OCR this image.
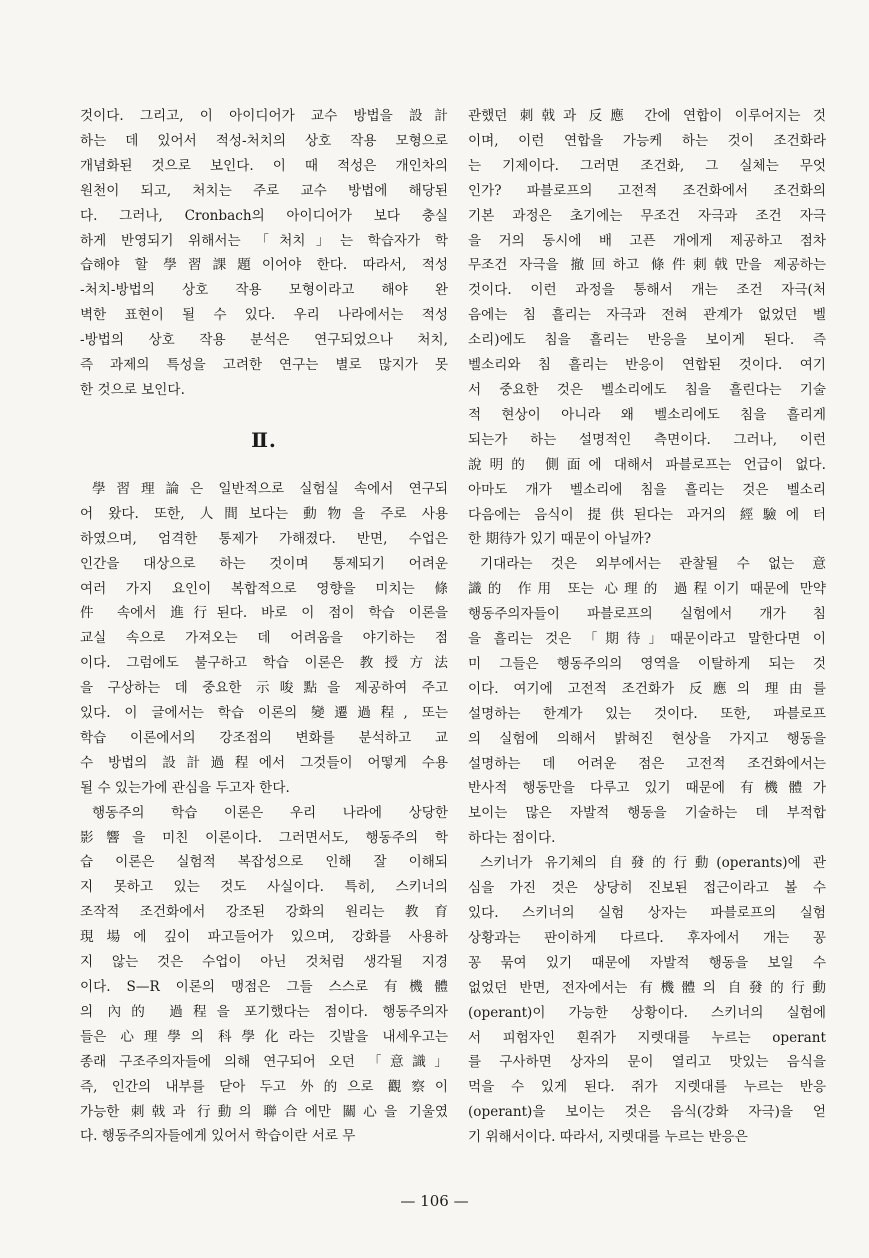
것이다. 그리고, 이 아이디어가 교수 방법을 設計
하는 데 있어서 적성-처치의 상호 작용 모형으로
개념화된 것으로 보인다. 이 때 적성은 개인차의
원천이 되고, 처치는 주로 교수 방법에 해당된
다. 그러나, Cronbach의 아이디어가 보다 충실
하게 반영되기 위해서는 「처치」는 학습자가 학
습해야 할 學習課題이어야 한다. 따라서, 적성
-처치-방법의 상호 작용 모형이라고 해야 완
벽한 표현이 될 수 있다. 우리 나라에서는 적성
-방법의 상호 작용 분석은 연구되었으나 처치,
즉 과제의 특성을 고려한 연구는 별로 많지가 못
한 것으로 보인다.
Ⅱ.
學習理論은 일반적으로 실험실 속에서 연구되
어 왔다. 또한, 人間보다는 動物을 주로 사용
하였으며, 엄격한 통제가 가해졌다. 반면, 수업은
인간을 대상으로 하는 것이며 통제되기 어려운
여러 가지 요인이 복합적으로 영향을 미치는 條
件 속에서 進行된다. 바로 이 점이 학습 이론을
교실 속으로 가져오는 데 어려움을 야기하는 점
이다. 그럼에도 불구하고 학습 이론은 教授方法
을 구상하는 데 중요한 示唆點을 제공하여 주고
있다. 이 글에서는 학습 이론의 變遷過程, 또는
학습 이론에서의 강조점의 변화를 분석하고 교
수 방법의 設計過程에서 그것들이 어떻게 수용
될 수 있는가에 관심을 두고자 한다.
행동주의 학습 이론은 우리 나라에 상당한
影響을 미친 이론이다. 그러면서도, 행동주의 학
습 이론은 실험적 복잡성으로 인해 잘 이해되
지 못하고 있는 것도 사실이다. 특히, 스키너의
조작적 조건화에서 강조된 강화의 원리는 教育
現場에 깊이 파고들어가 있으며, 강화를 사용하
지 않는 것은 수업이 아닌 것처럼 생각될 지경
이다. S—R 이론의 맹점은 그들 스스로 有機體
의 內的 過程을 포기했다는 점이다. 행동주의자
들은 心理學의 科學化라는 깃발을 내세우고는
종래 구조주의자들에 의해 연구되어 오던 「意識」
즉, 인간의 내부를 닫아 두고 外的으로 觀察이
가능한 刺戟과 行動의 聯合에만 關心을 기울였
다. 행동주의자들에게 있어서 학습이란 서로 무
관했던 刺戟과 反應 간에 연합이 이루어지는 것
이며, 이런 연합을 가능케 하는 것이 조건화라
는 기제이다. 그러면 조건화, 그 실체는 무엇
인가? 파블로프의 고전적 조건화에서 조건화의
기본 과정은 초기에는 무조건 자극과 조건 자극
을 거의 동시에 배 고픈 개에게 제공하고 점차
무조건 자극을 撤回하고 條件刺戟만을 제공하는
것이다. 이런 과정을 통해서 개는 조건 자극(처
음에는 침 흘리는 자극과 전혀 관계가 없었던 벨
소리)에도 침을 흘리는 반응을 보이게 된다. 즉
벨소리와 침 흘리는 반응이 연합된 것이다. 여기
서 중요한 것은 벨소리에도 침을 흘린다는 기술
적 현상이 아니라 왜 벨소리에도 침을 흘리게
되는가 하는 설명적인 측면이다. 그러나, 이런
說明的 側面에 대해서 파블로프는 언급이 없다.
아마도 개가 벨소리에 침을 흘리는 것은 벨소리
다음에는 음식이 提供된다는 과거의 經驗에 터
한 期待가 있기 때문이 아닐까?
기대라는 것은 외부에서는 관찰될 수 없는 意
識的 作用 또는 心理的 過程이기 때문에 만약
행동주의자들이 파블로프의 실험에서 개가 침
을 흘리는 것은 「期待」때문이라고 말한다면 이
미 그들은 행동주의의 영역을 이탈하게 되는 것
이다. 여기에 고전적 조건화가 反應의 理由를
설명하는 한계가 있는 것이다. 또한, 파블로프
의 실험에 의해서 밝혀진 현상을 가지고 행동을
설명하는 데 어려운 점은 고전적 조건화에서는
반사적 행동만을 다루고 있기 때문에 有機體가
보이는 많은 자발적 행동을 기술하는 데 부적합
하다는 점이다.
스키너가 유기체의 自發的行動(operants)에 관
심을 가진 것은 상당히 진보된 접근이라고 볼 수
있다. 스키너의 실험 상자는 파블로프의 실험
상황과는 판이하게 다르다. 후자에서 개는 꽁
꽁 묶여 있기 때문에 자발적 행동을 보일 수
없었던 반면, 전자에서는 有機體의 自發的行動
(operant)이 가능한 상황이다. 스키너의 실험에
서 피험자인 흰쥐가 지렛대를 누르는 operant
를 구사하면 상자의 문이 열리고 맛있는 음식을
먹을 수 있게 된다. 쥐가 지렛대를 누르는 반응
(operant)을 보이는 것은 음식(강화 자극)을 얻
기 위해서이다. 따라서, 지렛대를 누르는 반응은
— 106 —
